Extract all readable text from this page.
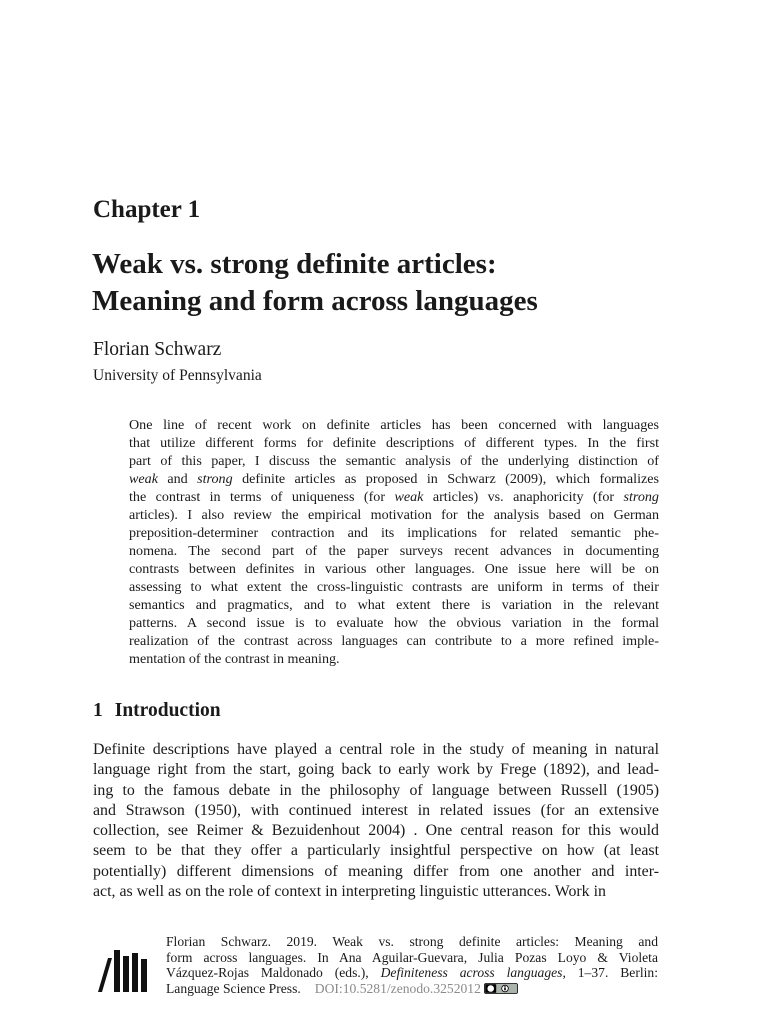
Chapter 1
Weak vs. strong definite articles:
Meaning and form across languages

Florian Schwarz

University of Pennsylvania

One line of recent work on definite articles has been concerned with languages
that utilize different forms for definite descriptions of different types. In the first
part of this paper, I discuss the semantic analysis of the underlying distinction of
weak and strong definite articles as proposed in Schwarz (2009), which formalizes
the contrast in terms of uniqueness (for weak articles) vs. anaphoricity (for strong
articles). I also review the empirical motivation for the analysis based on German
preposition-determiner contraction and its implications for related semantic phe-
nomena. The second part of the paper surveys recent advances in documenting
contrasts between definites in various other languages. One issue here will be on
assessing to what extent the cross-linguistic contrasts are uniform in terms of their
semantics and pragmatics, and to what extent there is variation in the relevant
patterns. A second issue is to evaluate how the obvious variation in the formal
realization of the contrast across languages can contribute to a more refined imple-
mentation of the contrast in meaning.
1 Introduction
Definite descriptions have played a central role in the study of meaning in natural
language right from the start, going back to early work by Frege (1892), and lead-
ing to the famous debate in the philosophy of language between Russell (1905)
and Strawson (1950), with continued interest in related issues (for an extensive
collection, see Reimer & Bezuidenhout 2004) . One central reason for this would
seem to be that they offer a particularly insightful perspective on how (at least
potentially) different dimensions of meaning differ from one another and inter-
act, as well as on the role of context in interpreting linguistic utterances. Work in
Florian Schwarz. 2019. Weak vs. strong definite articles: Meaning and
form across languages. In Ana Aguilar-Guevara, Julia Pozas Loyo & Violeta
Vázquez-Rojas Maldonado (eds.), Definiteness across languages, 1–37. Berlin:
Language Science Press. DOI:10.5281/zenodo.3252012
